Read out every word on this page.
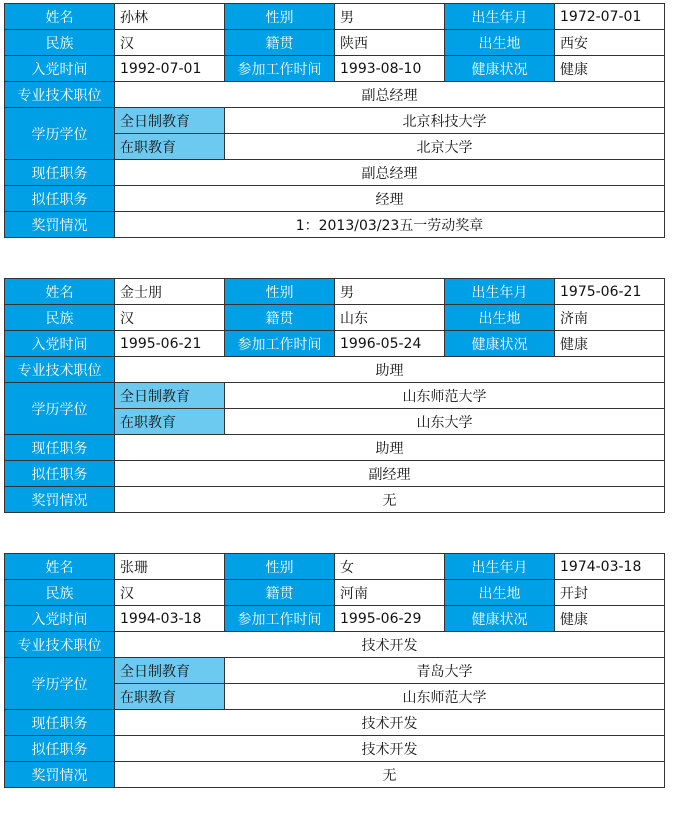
姓名	孙林	性别	男	出生年月	1972-07-01
民族	汉	籍贯	陕西	出生地	西安
入党时间	1992-07-01	参加工作时间	1993-08-10	健康状况	健康
专业技术职位	副总经理				
学历学位	全日制教育	北京科技大学			
	在职教育	北京大学			
现任职务	副总经理				
拟任职务	经理				
奖罚情况	1：2013/03/23五一劳动奖章				
姓名	金士朋	性别	男	出生年月	1975-06-21
民族	汉	籍贯	山东	出生地	济南
入党时间	1995-06-21	参加工作时间	1996-05-24	健康状况	健康
专业技术职位	助理				
学历学位	全日制教育	山东师范大学			
	在职教育	山东大学			
现任职务	助理				
拟任职务	副经理				
奖罚情况	无				
姓名	张珊	性别	女	出生年月	1974-03-18
民族	汉	籍贯	河南	出生地	开封
入党时间	1994-03-18	参加工作时间	1995-06-29	健康状况	健康
专业技术职位	技术开发				
学历学位	全日制教育	青岛大学			
	在职教育	山东师范大学			
现任职务	技术开发				
拟任职务	技术开发				
奖罚情况	无				
